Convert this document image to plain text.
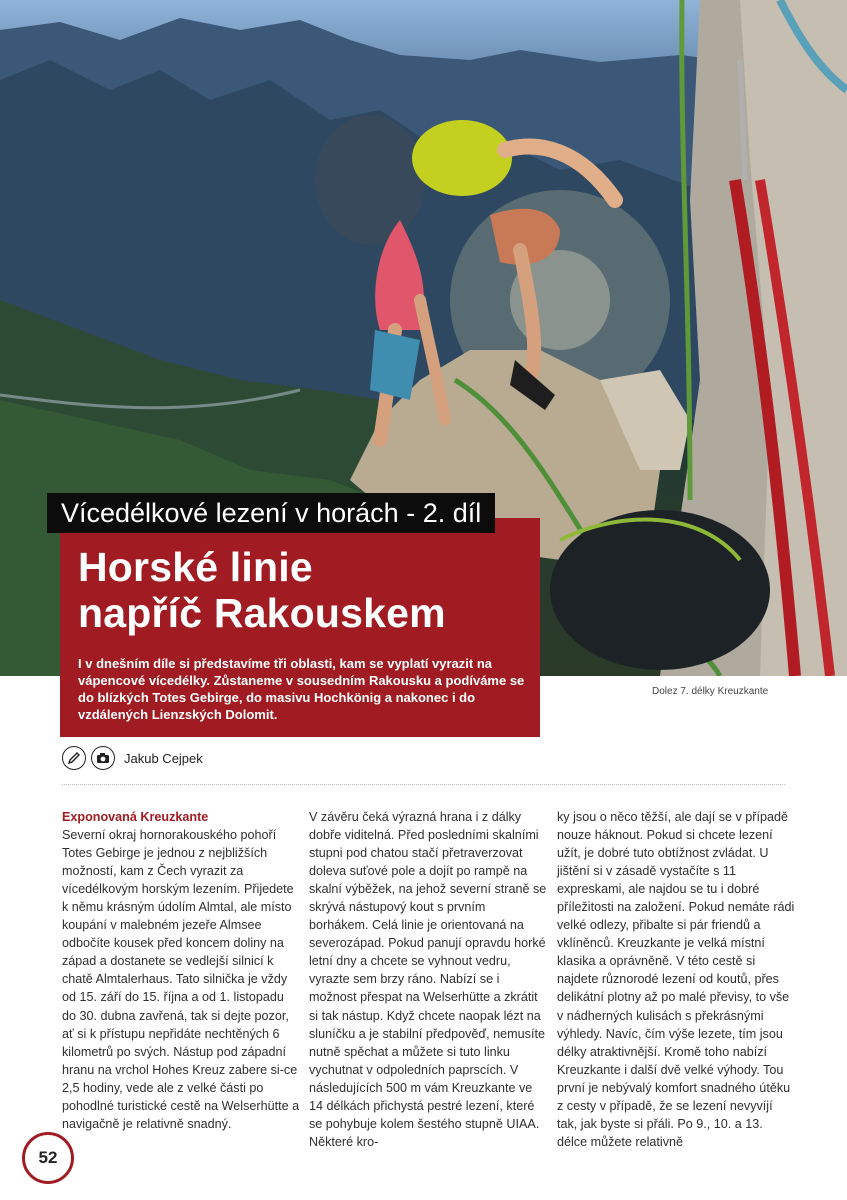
Vícedélkové lezení v horách - 2. díl
Horské linie
napříč Rakouskem
I v dnešním díle si představíme tři oblasti, kam se vyplatí vyrazit na vápencové vícedélky. Zůstaneme v sousedním Rakousku a podíváme se do blízkých Totes Gebirge, do masivu Hochkönig a nakonec i do vzdálených Lienzských Dolomit.
Dolez 7. délky Kreuzkante
Jakub Cejpek

Exponovaná Kreuzkante

Severní okraj hornorakouského pohoří Totes Gebirge je jednou z nejbližších možností, kam z Čech vyrazit za vícedélkovým horským lezením. Přijedete k němu krásným údolím Almtal, ale místo koupání v malebném jezeře Almsee odbočíte kousek před koncem doliny na západ a dostanete se vedlejší silnicí k chatě Almtalerhaus. Tato silnička je vždy od 15. září do 15. října a od 1. listopadu do 30. dubna zavřená, tak si dejte pozor, ať si k přístupu nepřidáte nechtěných 6 kilometrů po svých. Nástup pod západní hranu na vrchol Hohes Kreuz zabere si-ce 2,5 hodiny, vede ale z velké části po pohodlné turistické cestě na Welserhütte a navigačně je relativně snadný.

V závěru čeká výrazná hrana i z dálky dobře viditelná. Před posledními skalními stupni pod chatou stačí přetraverzovat doleva suťové pole a dojít po rampě na skalní výběžek, na jehož severní straně se skrývá nástupový kout s prvním borhákem. Celá linie je orientovaná na severozápad. Pokud panují opravdu horké letní dny a chcete se vyhnout vedru, vyrazte sem brzy ráno. Nabízí se i možnost přespat na Welserhütte a zkrátit si tak nástup. Když chcete naopak lézt na sluníčku a je stabilní předpověď, nemusíte nutně spěchat a můžete si tuto linku vychutnat v odpoledních paprscích. V následujících 500 m vám Kreuzkante ve 14 délkách přichystá pestré lezení, které se pohybuje kolem šestého stupně UIAA. Některé kro-

ky jsou o něco těžší, ale dají se v případě nouze háknout. Pokud si chcete lezení užít, je dobré tuto obtížnost zvládat. U jištění si v zásadě vystačíte s 11 expreskami, ale najdou se tu i dobré příležitosti na založení. Pokud nemáte rádi velké odlezy, přibalte si pár friendů a vklíněnců. Kreuzkante je velká místní klasika a oprávněně. V této cestě si najdete různorodé lezení od koutů, přes delikátní plotny až po malé převisy, to vše v nádherných kulisách s překrásnými výhledy. Navíc, čím výše lezete, tím jsou délky atraktivnější. Kromě toho nabízí Kreuzkante i další dvě velké výhody. Tou první je nebývalý komfort snadného útěku z cesty v případě, že se lezení nevyvíjí tak, jak byste si přáli. Po 9., 10. a 13. délce můžete relativně

52
